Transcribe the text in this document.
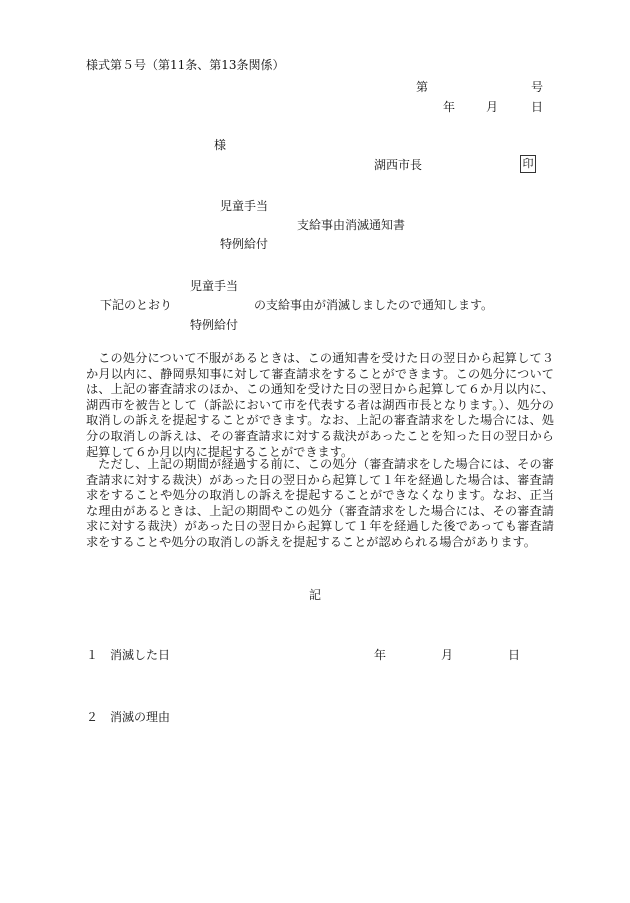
様式第５号（第11条、第13条関係）
第	号
年	月	日
様
湖西市長	印
児童手当
支給事由消滅通知書
特例給付
児童手当
下記のとおり	の支給事由が消滅しましたので通知します。
特例給付
この処分について不服があるときは、この通知書を受けた日の翌日から起算して３か月以内に、静岡県知事に対して審査請求をすることができます。この処分については、上記の審査請求のほか、この通知を受けた日の翌日から起算して６か月以内に、湖西市を被告として（訴訟において市を代表する者は湖西市長となります。）、処分の取消しの訴えを提起することができます。なお、上記の審査請求をした場合には、処分の取消しの訴えは、その審査請求に対する裁決があったことを知った日の翌日から起算して６か月以内に提起することができます。
ただし、上記の期間が経過する前に、この処分（審査請求をした場合には、その審査請求に対する裁決）があった日の翌日から起算して１年を経過した場合は、審査請求をすることや処分の取消しの訴えを提起することができなくなります。なお、正当な理由があるときは、上記の期間やこの処分（審査請求をした場合には、その審査請求に対する裁決）があった日の翌日から起算して１年を経過した後であっても審査請求をすることや処分の取消しの訴えを提起することが認められる場合があります。
記
１　消滅した日	年	月	日
２　消滅の理由
